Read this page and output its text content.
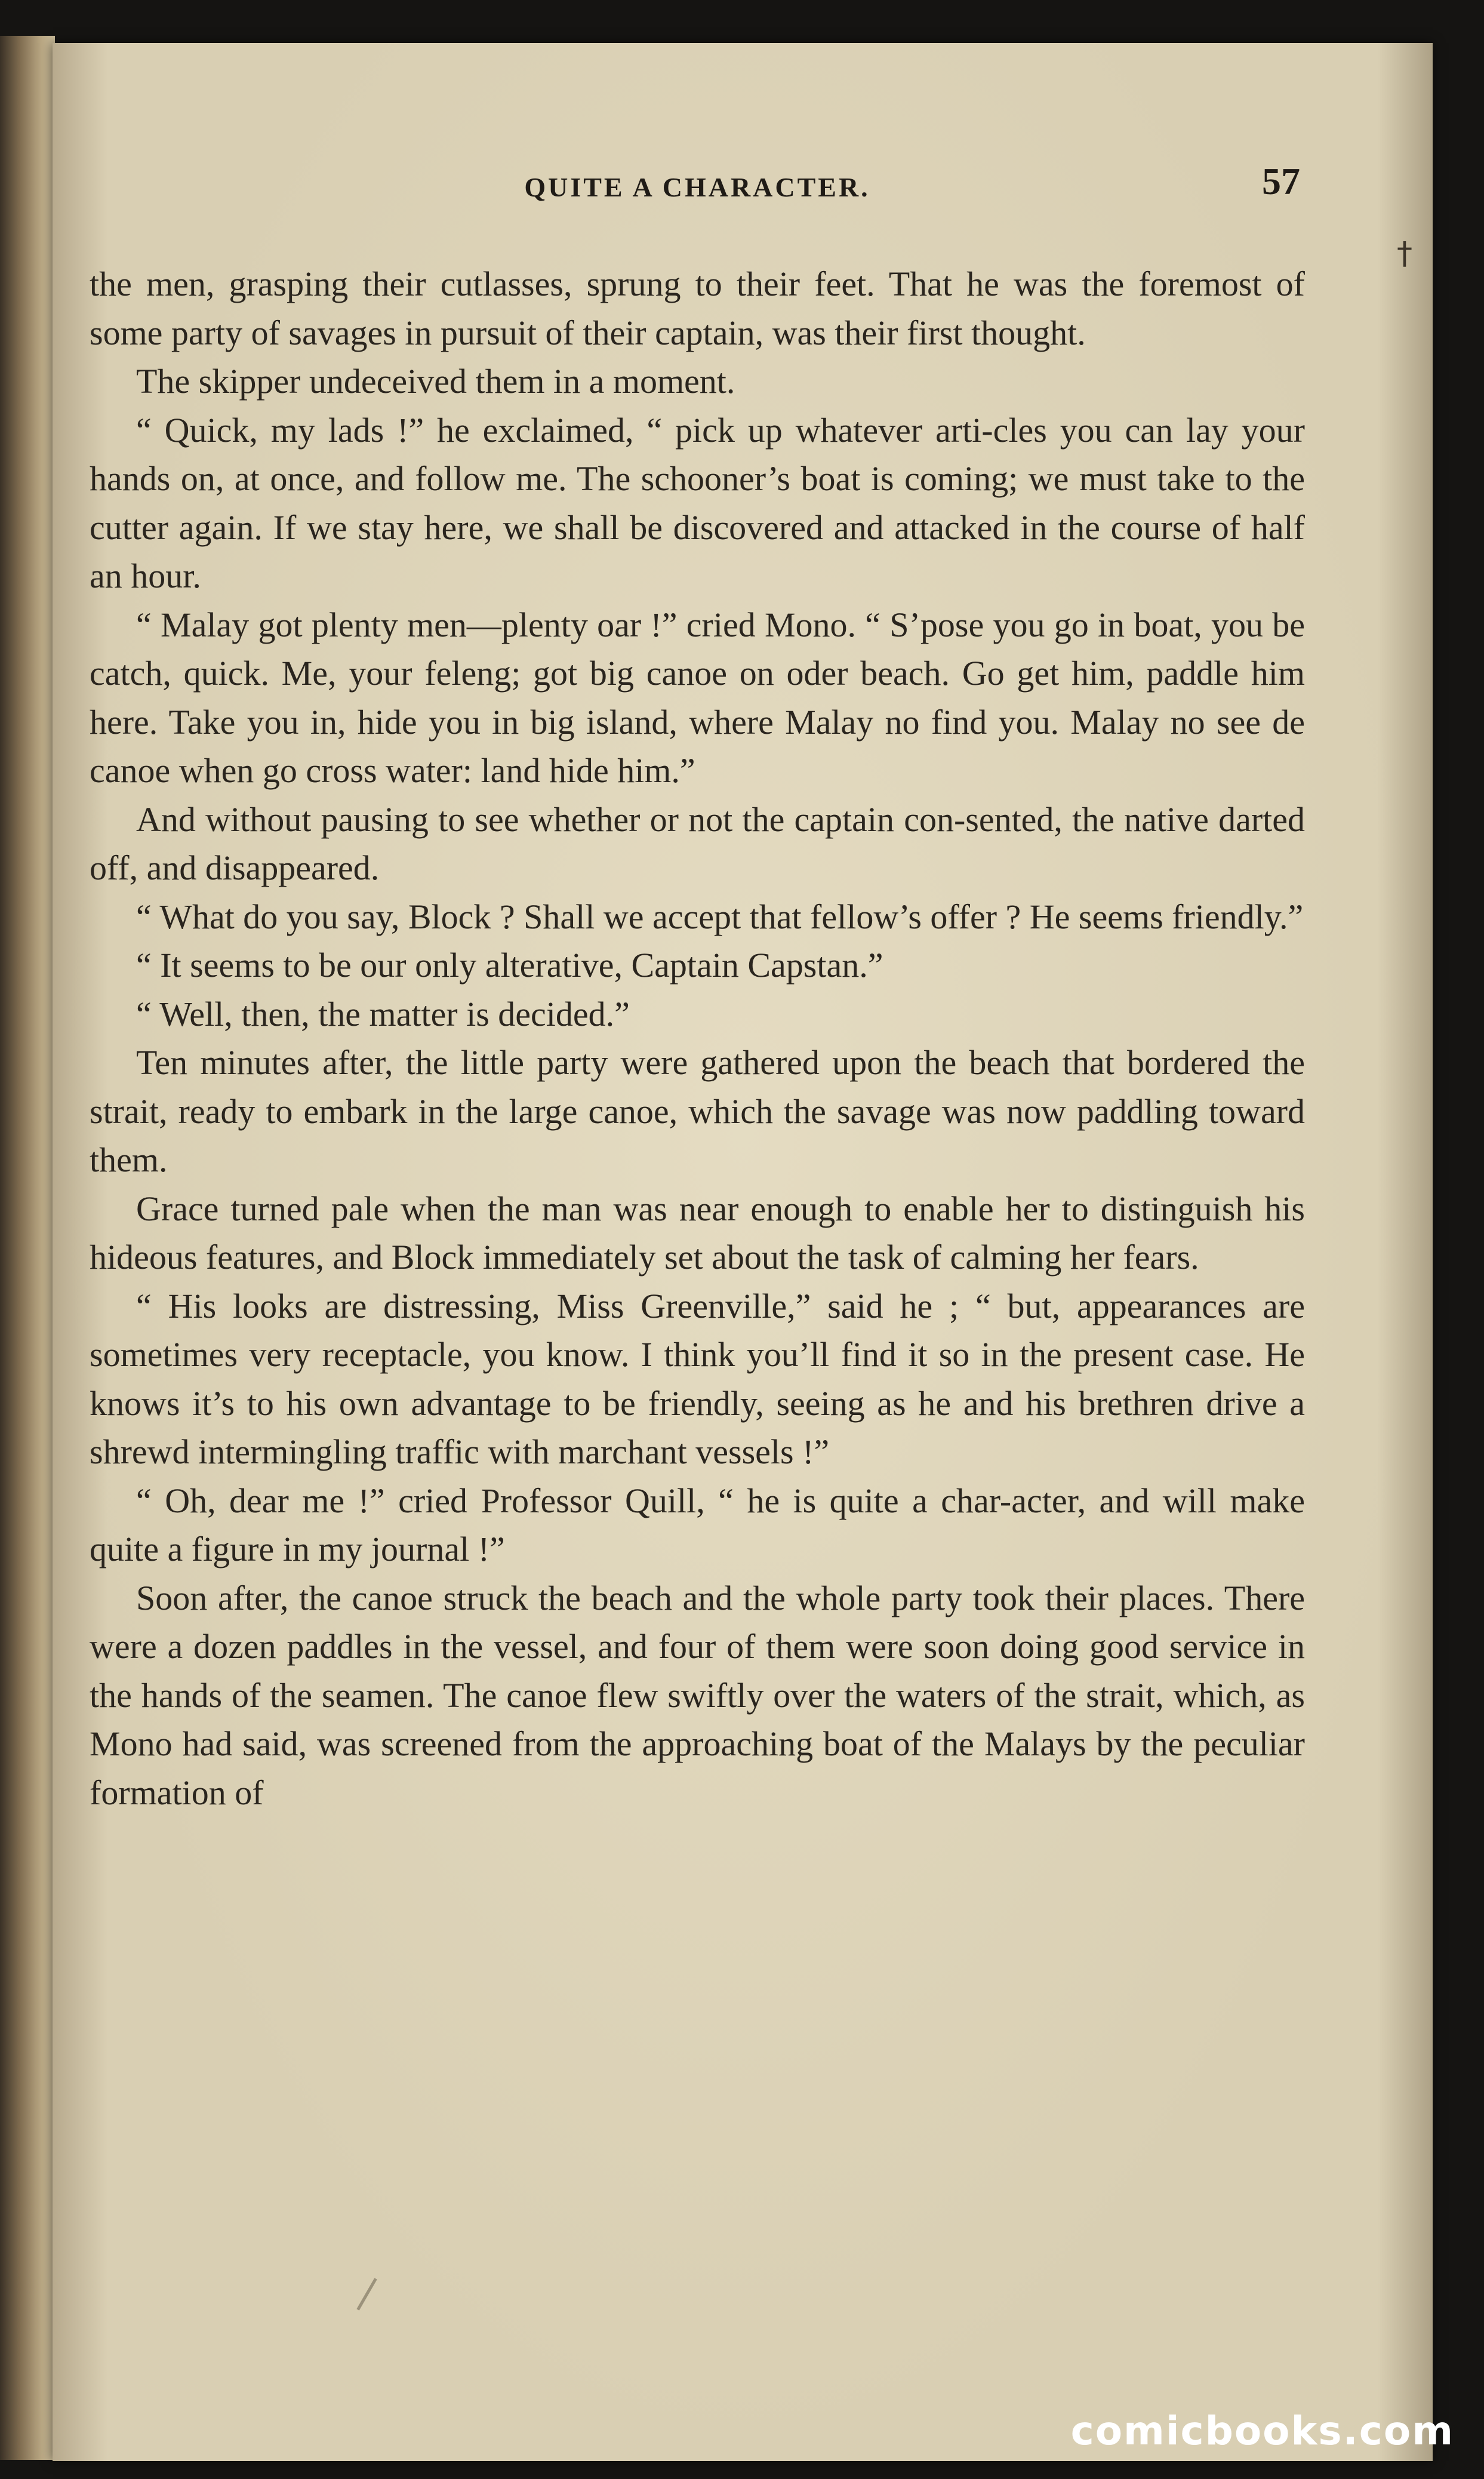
QUITE A CHARACTER.	57

the men, grasping their cutlasses, sprung to their feet. That he was the foremost of some party of savages in pursuit of their captain, was their first thought.

The skipper undeceived them in a moment.

“ Quick, my lads !” he exclaimed, “ pick up whatever arti-cles you can lay your hands on, at once, and follow me. The schooner’s boat is coming; we must take to the cutter again. If we stay here, we shall be discovered and attacked in the course of half an hour.

“ Malay got plenty men—plenty oar !” cried Mono. “ S’pose you go in boat, you be catch, quick. Me, your feleng; got big canoe on oder beach. Go get him, paddle him here. Take you in, hide you in big island, where Malay no find you. Malay no see de canoe when go cross water: land hide him.”

And without pausing to see whether or not the captain con-sented, the native darted off, and disappeared.

“ What do you say, Block ? Shall we accept that fellow’s offer ? He seems friendly.”

“ It seems to be our only alterative, Captain Capstan.”

“ Well, then, the matter is decided.”

Ten minutes after, the little party were gathered upon the beach that bordered the strait, ready to embark in the large canoe, which the savage was now paddling toward them.

Grace turned pale when the man was near enough to enable her to distinguish his hideous features, and Block immediately set about the task of calming her fears.

“ His looks are distressing, Miss Greenville,” said he ; “ but, appearances are sometimes very receptacle, you know. I think you’ll find it so in the present case. He knows it’s to his own advantage to be friendly, seeing as he and his brethren drive a shrewd intermingling traffic with marchant vessels !”

“ Oh, dear me !” cried Professor Quill, “ he is quite a char-acter, and will make quite a figure in my journal !”

Soon after, the canoe struck the beach and the whole party took their places. There were a dozen paddles in the vessel, and four of them were soon doing good service in the hands of the seamen. The canoe flew swiftly over the waters of the strait, which, as Mono had said, was screened from the approaching boat of the Malays by the peculiar formation of

†
comicbooks.com
